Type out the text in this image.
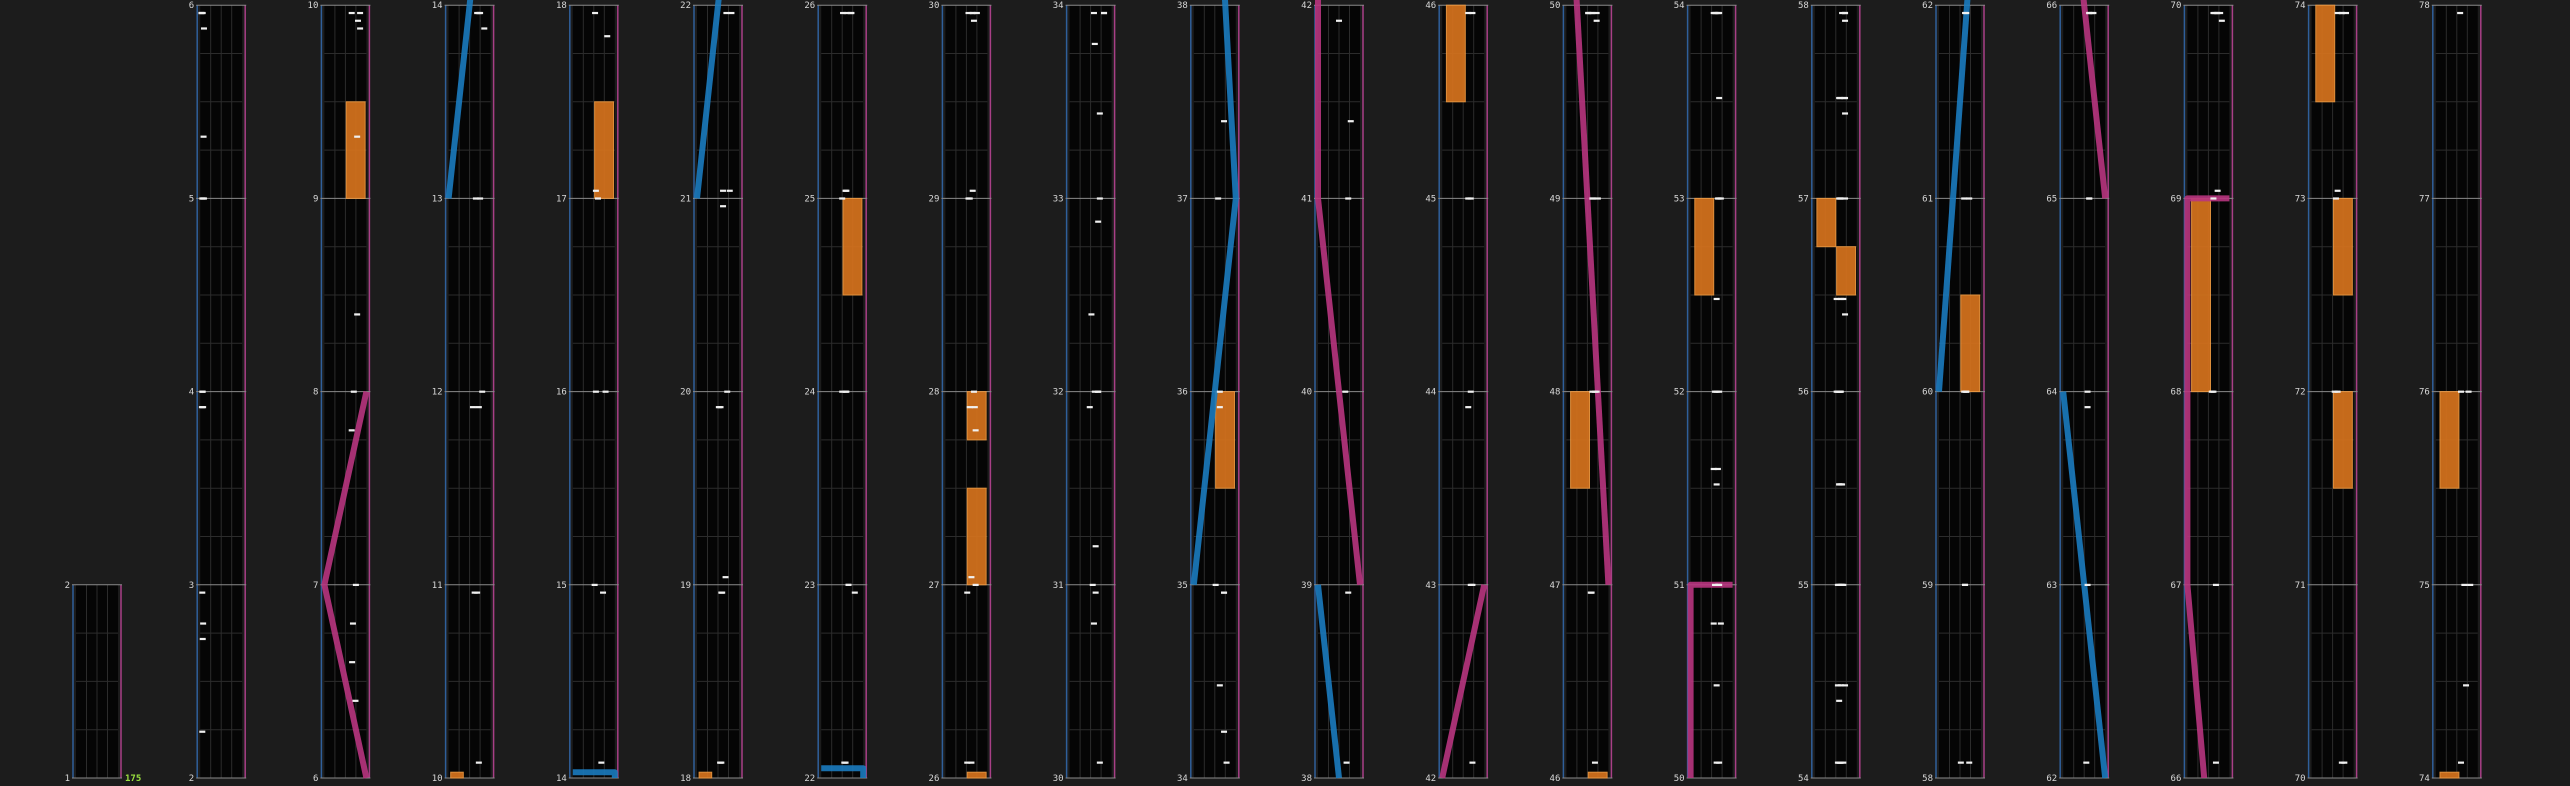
1
2
2
3
4
5
6
6
7
8
9
10
10
11
12
13
14
14
15
16
17
18
18
19
20
21
22
22
23
24
25
26
26
27
28
29
30
30
31
32
33
34
34
35
36
37
38
38
39
40
41
42
42
43
44
45
46
46
47
48
49
50
50
51
52
53
54
54
55
56
57
58
58
59
60
61
62
62
63
64
65
66
66
67
68
69
70
70
71
72
73
74
74
75
76
77
78
175
